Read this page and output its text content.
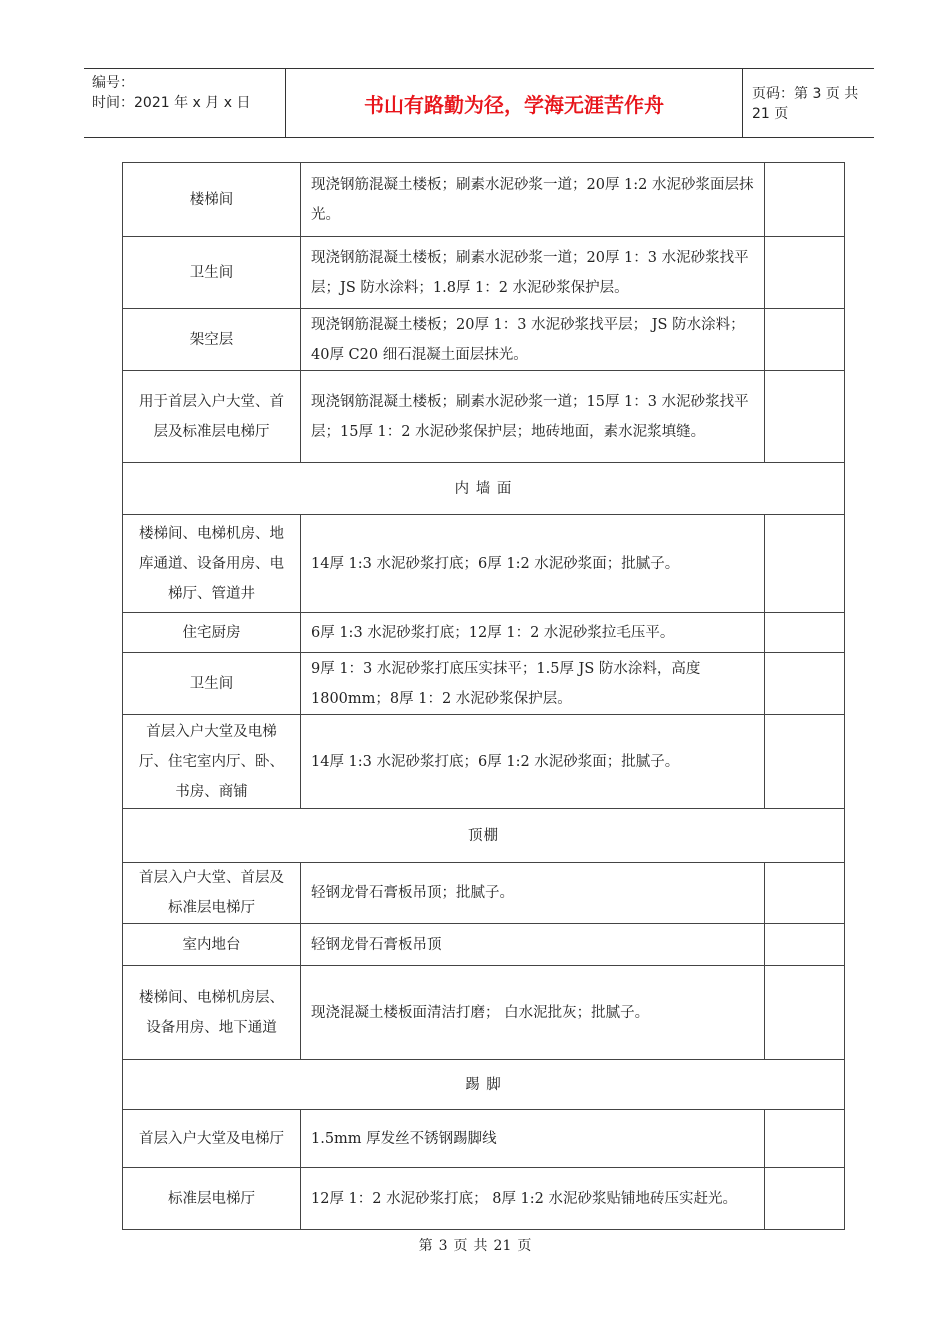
编号：
时间：2021 年 x 月 x 日	书山有路勤为径，学海无涯苦作舟	页码：第 3 页 共 21 页
楼梯间	现浇钢筋混凝土楼板；刷素水泥砂浆一道；20厚 1:2 水泥砂浆面层抹光。	
卫生间	现浇钢筋混凝土楼板；刷素水泥砂浆一道；20厚 1：3 水泥砂浆找平层；JS 防水涂料；1.8厚 1：2 水泥砂浆保护层。	
架空层	现浇钢筋混凝土楼板；20厚 1：3 水泥砂浆找平层； JS 防水涂料；40厚 C20 细石混凝土面层抹光。	
用于首层入户大堂、首层及标准层电梯厅	现浇钢筋混凝土楼板；刷素水泥砂浆一道；15厚 1：3 水泥砂浆找平层；15厚 1：2 水泥砂浆保护层；地砖地面，素水泥浆填缝。	
内 墙 面		
楼梯间、电梯机房、地库通道、设备用房、电梯厅、管道井	14厚 1:3 水泥砂浆打底；6厚 1:2 水泥砂浆面；批腻子。	
住宅厨房	6厚 1:3 水泥砂浆打底；12厚 1：2 水泥砂浆拉毛压平。	
卫生间	9厚 1：3 水泥砂浆打底压实抹平；1.5厚 JS 防水涂料，高度1800mm；8厚 1：2 水泥砂浆保护层。	
首层入户大堂及电梯厅、住宅室内厅、卧、书房、商铺	14厚 1:3 水泥砂浆打底；6厚 1:2 水泥砂浆面；批腻子。	
顶棚		
首层入户大堂、首层及标准层电梯厅	轻钢龙骨石膏板吊顶；批腻子。	
室内地台	轻钢龙骨石膏板吊顶	
楼梯间、电梯机房层、设备用房、地下通道	现浇混凝土楼板面清洁打磨； 白水泥批灰；批腻子。	
踢 脚		
首层入户大堂及电梯厅	1.5mm 厚发丝不锈钢踢脚线	
标准层电梯厅	12厚 1：2 水泥砂浆打底； 8厚 1:2 水泥砂浆贴铺地砖压实赶光。	
第 3 页 共 21 页
